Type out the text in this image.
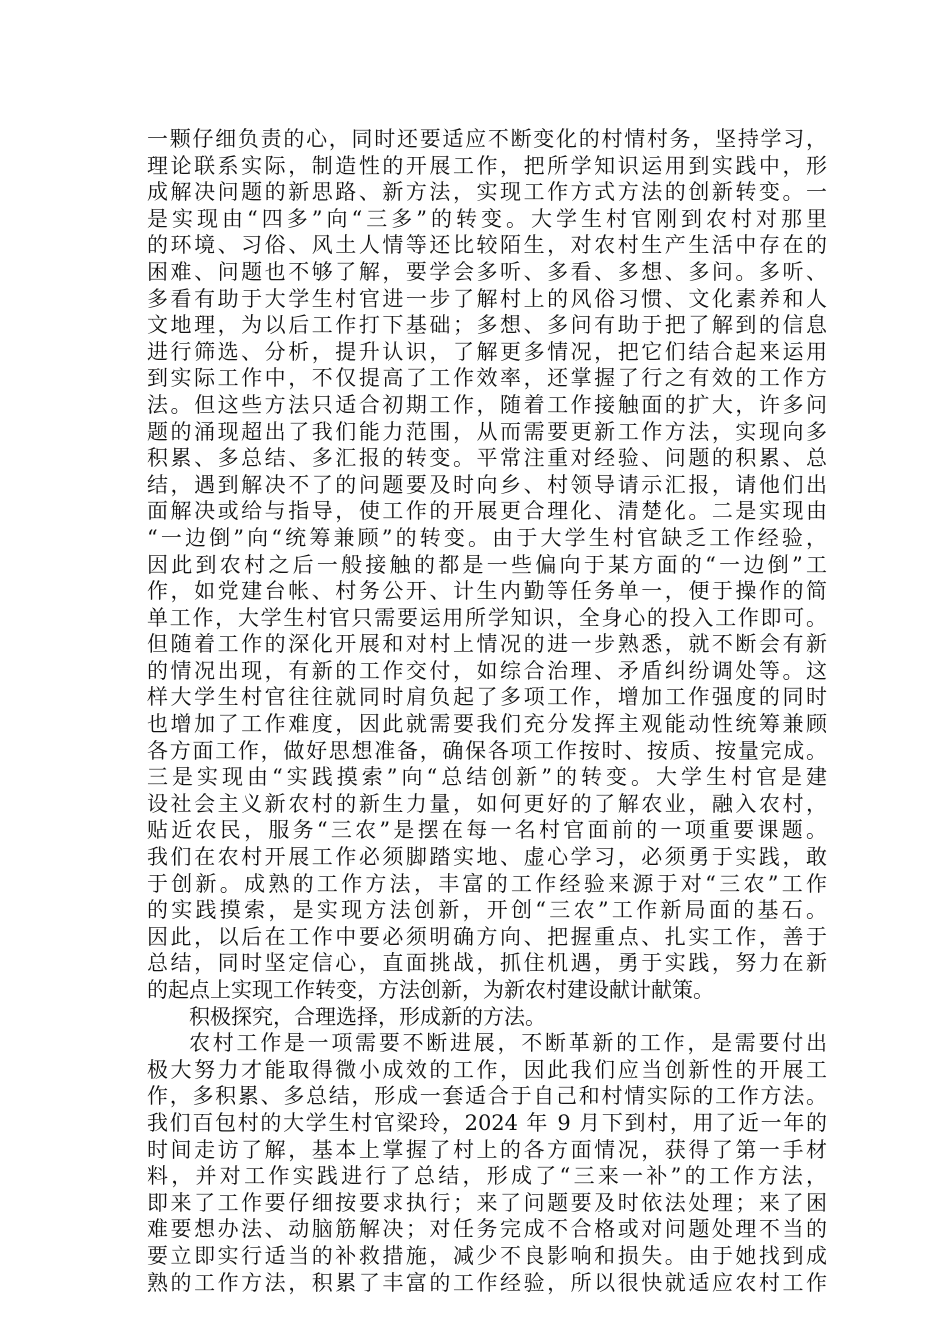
一颗仔细负责的心，同时还要适应不断变化的村情村务，坚持学习，
理论联系实际，制造性的开展工作，把所学知识运用到实践中，形
成解决问题的新思路、新方法，实现工作方式方法的创新转变。一
是实现由“四多”向“三多”的转变。大学生村官刚到农村对那里
的环境、习俗、风土人情等还比较陌生，对农村生产生活中存在的
困难、问题也不够了解，要学会多听、多看、多想、多问。多听、
多看有助于大学生村官进一步了解村上的风俗习惯、文化素养和人
文地理，为以后工作打下基础；多想、多问有助于把了解到的信息
进行筛选、分析，提升认识，了解更多情况，把它们结合起来运用
到实际工作中，不仅提高了工作效率，还掌握了行之有效的工作方
法。但这些方法只适合初期工作，随着工作接触面的扩大，许多问
题的涌现超出了我们能力范围，从而需要更新工作方法，实现向多
积累、多总结、多汇报的转变。平常注重对经验、问题的积累、总
结，遇到解决不了的问题要及时向乡、村领导请示汇报，请他们出
面解决或给与指导，使工作的开展更合理化、清楚化。二是实现由
“一边倒”向“统筹兼顾”的转变。由于大学生村官缺乏工作经验，
因此到农村之后一般接触的都是一些偏向于某方面的“一边倒”工
作，如党建台帐、村务公开、计生内勤等任务单一，便于操作的简
单工作，大学生村官只需要运用所学知识，全身心的投入工作即可。
但随着工作的深化开展和对村上情况的进一步熟悉，就不断会有新
的情况出现，有新的工作交付，如综合治理、矛盾纠纷调处等。这
样大学生村官往往就同时肩负起了多项工作，增加工作强度的同时
也增加了工作难度，因此就需要我们充分发挥主观能动性统筹兼顾
各方面工作，做好思想准备，确保各项工作按时、按质、按量完成。
三是实现由“实践摸索”向“总结创新”的转变。大学生村官是建
设社会主义新农村的新生力量，如何更好的了解农业，融入农村，
贴近农民，服务“三农”是摆在每一名村官面前的一项重要课题。
我们在农村开展工作必须脚踏实地、虚心学习，必须勇于实践，敢
于创新。成熟的工作方法，丰富的工作经验来源于对“三农”工作
的实践摸索，是实现方法创新，开创“三农”工作新局面的基石。
因此，以后在工作中要必须明确方向、把握重点、扎实工作，善于
总结，同时坚定信心，直面挑战，抓住机遇，勇于实践，努力在新
的起点上实现工作转变，方法创新，为新农村建设献计献策。
积极探究，合理选择，形成新的方法。
农村工作是一项需要不断进展，不断革新的工作，是需要付出
极大努力才能取得微小成效的工作，因此我们应当创新性的开展工
作，多积累、多总结，形成一套适合于自己和村情实际的工作方法。
我们百包村的大学生村官梁玲，2024 年 9 月下到村，用了近一年的
时间走访了解，基本上掌握了村上的各方面情况，获得了第一手材
料，并对工作实践进行了总结，形成了“三来一补”的工作方法，
即来了工作要仔细按要求执行；来了问题要及时依法处理；来了困
难要想办法、动脑筋解决；对任务完成不合格或对问题处理不当的
要立即实行适当的补救措施，减少不良影响和损失。由于她找到成
熟的工作方法，积累了丰富的工作经验，所以很快就适应农村工作
